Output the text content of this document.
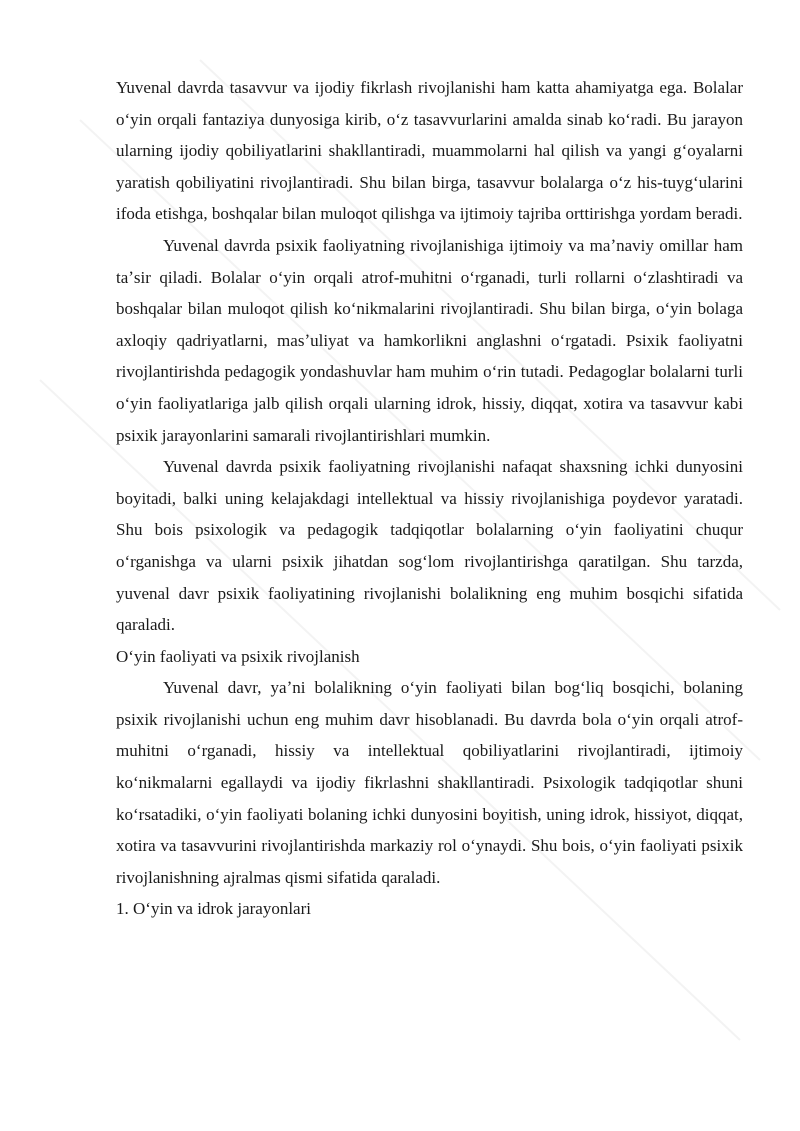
Yuvenal davrda tasavvur va ijodiy fikrlash rivojlanishi ham katta ahamiyatga ega. Bolalar oʻyin orqali fantaziya dunyosiga kirib, oʻz tasavvurlarini amalda sinab koʻradi. Bu jarayon ularning ijodiy qobiliyatlarini shakllantiradi, muammolarni hal qilish va yangi gʻoyalarni yaratish qobiliyatini rivojlantiradi. Shu bilan birga, tasavvur bolalarga oʻz his-tuygʻularini ifoda etishga, boshqalar bilan muloqot qilishga va ijtimoiy tajriba orttirishga yordam beradi.

Yuvenal davrda psixik faoliyatning rivojlanishiga ijtimoiy va maʼnaviy omillar ham taʼsir qiladi. Bolalar oʻyin orqali atrof-muhitni oʻrganadi, turli rollarni oʻzlashtiradi va boshqalar bilan muloqot qilish koʻnikmalarini rivojlantiradi. Shu bilan birga, oʻyin bolaga axloqiy qadriyatlarni, masʼuliyat va hamkorlikni anglashni oʻrgatadi. Psixik faoliyatni rivojlantirishda pedagogik yondashuvlar ham muhim oʻrin tutadi. Pedagoglar bolalarni turli oʻyin faoliyatlariga jalb qilish orqali ularning idrok, hissiy, diqqat, xotira va tasavvur kabi psixik jarayonlarini samarali rivojlantirishlari mumkin.

Yuvenal davrda psixik faoliyatning rivojlanishi nafaqat shaxsning ichki dunyosini boyitadi, balki uning kelajakdagi intellektual va hissiy rivojlanishiga poydevor yaratadi. Shu bois psixologik va pedagogik tadqiqotlar bolalarning oʻyin faoliyatini chuqur oʻrganishga va ularni psixik jihatdan sogʻlom rivojlantirishga qaratilgan. Shu tarzda, yuvenal davr psixik faoliyatining rivojlanishi bolalikning eng muhim bosqichi sifatida qaraladi.

Oʻyin faoliyati va psixik rivojlanish

Yuvenal davr, yaʼni bolalikning oʻyin faoliyati bilan bogʻliq bosqichi, bolaning psixik rivojlanishi uchun eng muhim davr hisoblanadi. Bu davrda bola oʻyin orqali atrof-muhitni oʻrganadi, hissiy va intellektual qobiliyatlarini rivojlantiradi, ijtimoiy koʻnikmalarni egallaydi va ijodiy fikrlashni shakllantiradi. Psixologik tadqiqotlar shuni koʻrsatadiki, oʻyin faoliyati bolaning ichki dunyosini boyitish, uning idrok, hissiyot, diqqat, xotira va tasavvurini rivojlantirishda markaziy rol oʻynaydi. Shu bois, oʻyin faoliyati psixik rivojlanishning ajralmas qismi sifatida qaraladi.

1. Oʻyin va idrok jarayonlari
